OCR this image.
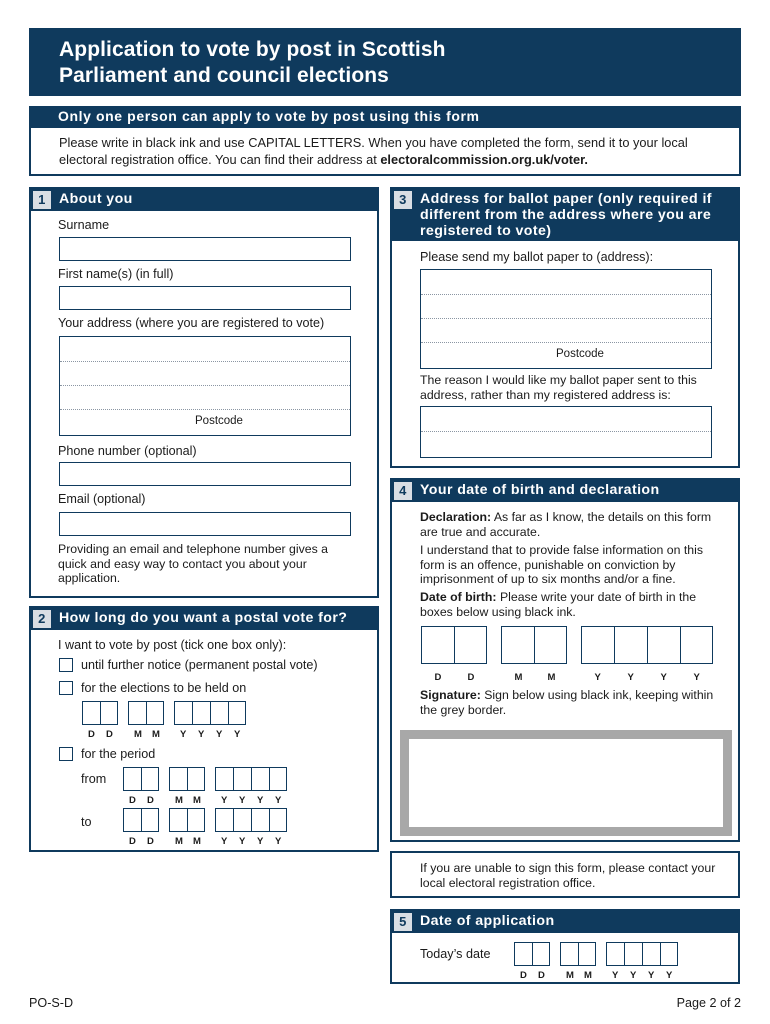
Application to vote by post in Scottish
Parliament and council elections
Only one person can apply to vote by post using this form
Please write in black ink and use CAPITAL LETTERS. When you have completed the form, send it to your local electoral registration office. You can find their address at electoralcommission.org.uk/voter.
1 About you
Surname
First name(s) (in full)
Your address (where you are registered to vote)
Postcode
Phone number (optional)
Email (optional)
Providing an email and telephone number gives a quick and easy way to contact you about your application.
2 How long do you want a postal vote for?
I want to vote by post (tick one box only):
until further notice (permanent postal vote)
for the elections to be held on
D D M M Y Y Y Y
for the period
from
D D M M Y Y Y Y
to
D D M M Y Y Y Y
3 Address for ballot paper (only required if different from the address where you are registered to vote)
Please send my ballot paper to (address):
Postcode
The reason I would like my ballot paper sent to this address, rather than my registered address is:
4 Your date of birth and declaration
Declaration: As far as I know, the details on this form are true and accurate.
I understand that to provide false information on this form is an offence, punishable on conviction by imprisonment of up to six months and/or a fine.
Date of birth: Please write your date of birth in the boxes below using black ink.
D	D	M	M	Y	Y	Y	Y
Signature: Sign below using black ink, keeping within the grey border.
If you are unable to sign this form, please contact your local electoral registration office.
5 Date of application
Today’s date
D D M M Y Y Y Y
PO-S-D	Page 2 of 2
